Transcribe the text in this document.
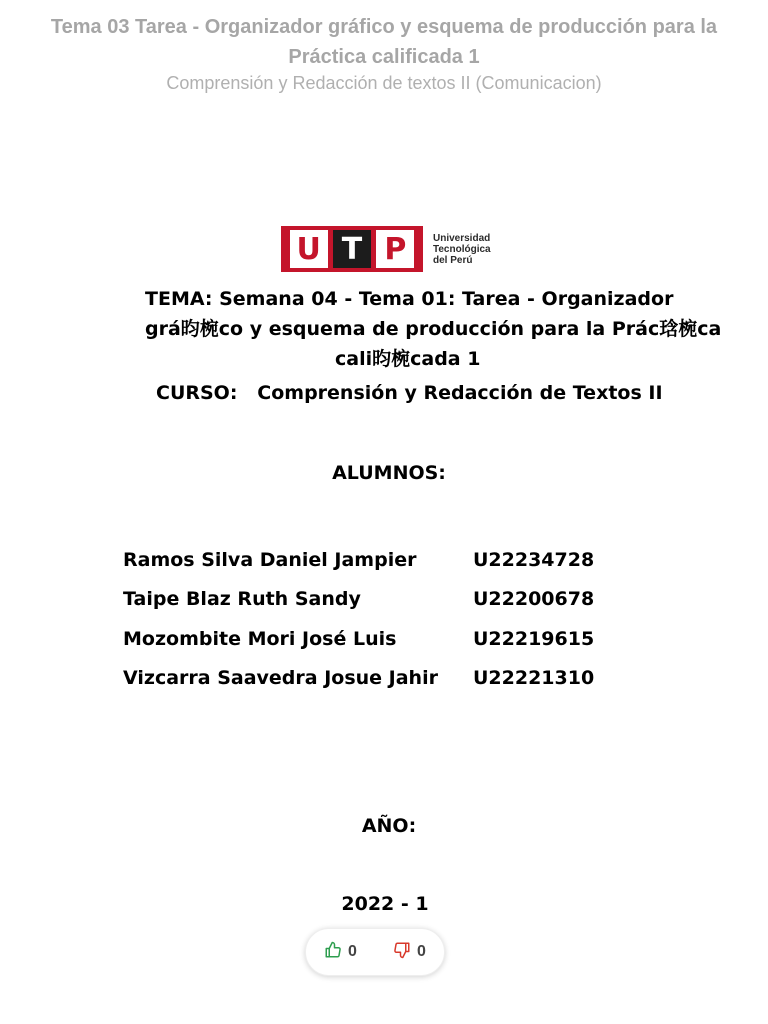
Tema 03 Tarea - Organizador gráfico y esquema de producción para la Práctica calificada 1
Comprensión y Redacción de textos II (Comunicacion)
U T P	Universidad
Tecnológica
del Perú
TEMA: Semana 04 - Tema 01: Tarea - Organizador
grá昀椀co y esquema de producción para la Prác琀椀ca
cali昀椀cada 1
CURSO:   Comprensión y Redacción de Textos II
ALUMNOS:
Ramos Silva Daniel Jampier	U22234728
Taipe Blaz Ruth Sandy	U22200678
Mozombite Mori José Luis	U22219615
Vizcarra Saavedra Josue Jahir	U22221310
AÑO:
2022 - 1
0	0
